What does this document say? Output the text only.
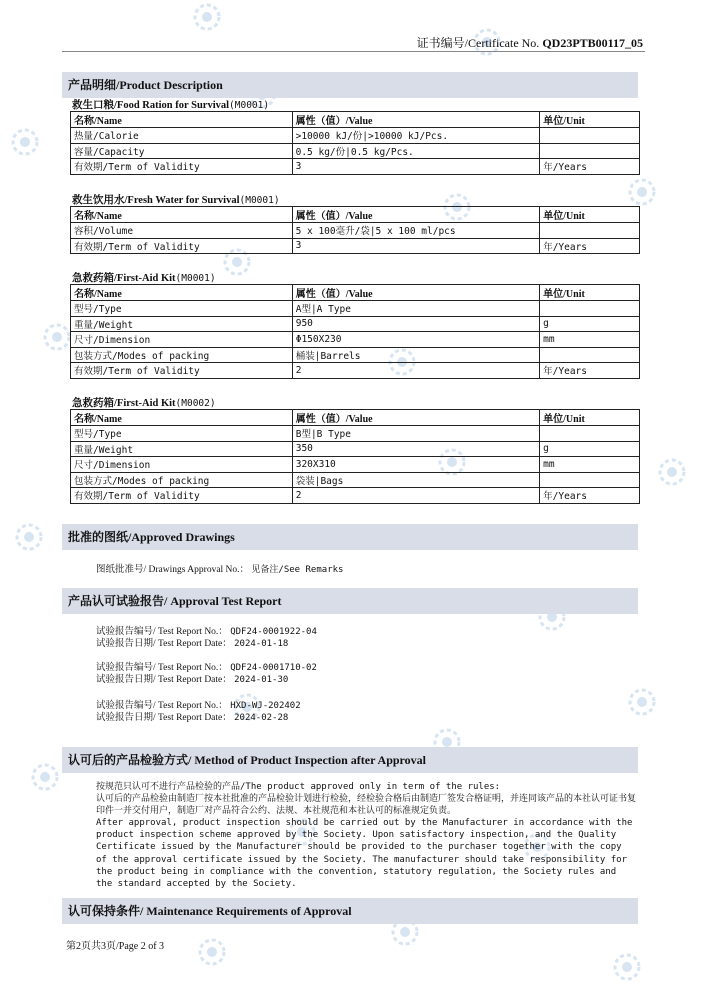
证书编号/Certificate No. QD23PTB00117_05
产品明细/Product Description
救生口粮/Food Ration for Survival(M0001)
名称/Name	属性（值）/Value	单位/Unit
热量/Calorie	>10000 kJ/份|>10000 kJ/Pcs.	
容量/Capacity	0.5 kg/份|0.5 kg/Pcs.	
有效期/Term of Validity	3	年/Years
救生饮用水/Fresh Water for Survival(M0001)
名称/Name	属性（值）/Value	单位/Unit
容积/Volume	5 x 100毫升/袋|5 x 100 ml/pcs	
有效期/Term of Validity	3	年/Years
急救药箱/First-Aid Kit(M0001)
名称/Name	属性（值）/Value	单位/Unit
型号/Type	A型|A Type	
重量/Weight	950	g
尺寸/Dimension	Φ150X230	mm
包装方式/Modes of packing	桶装|Barrels	
有效期/Term of Validity	2	年/Years
急救药箱/First-Aid Kit(M0002)
名称/Name	属性（值）/Value	单位/Unit
型号/Type	B型|B Type	
重量/Weight	350	g
尺寸/Dimension	320X310	mm
包装方式/Modes of packing	袋装|Bags	
有效期/Term of Validity	2	年/Years
批准的图纸/Approved Drawings
图纸批准号/ Drawings Approval No.： 见备注/See Remarks
产品认可试验报告/ Approval Test Report
试验报告编号/ Test Report No.： QDF24-0001922-04
试验报告日期/ Test Report Date： 2024-01-18
试验报告编号/ Test Report No.： QDF24-0001710-02
试验报告日期/ Test Report Date： 2024-01-30
试验报告编号/ Test Report No.： HXD-WJ-202402
试验报告日期/ Test Report Date： 2024-02-28
认可后的产品检验方式/ Method of Product Inspection after Approval
按规范只认可不进行产品检验的产品/The product approved only in term of the rules:
认可后的产品检验由制造厂按本社批准的产品检验计划进行检验，经检验合格后由制造厂签发合格证明，并连同该产品的本社认可证书复印件一并交付用户，制造厂对产品符合公约、法规、本社规范和本社认可的标准规定负责。
After approval, product inspection should be carried out by the Manufacturer in accordance with the product inspection scheme approved by the Society. Upon satisfactory inspection, and the Quality Certificate issued by the Manufacturer should be provided to the purchaser together with the copy of the approval certificate issued by the Society. The manufacturer should take responsibility for the product being in compliance with the convention, statutory regulation, the Society rules and the standard accepted by the Society.
认可保持条件/ Maintenance Requirements of Approval
第2页共3页/Page 2 of 3
